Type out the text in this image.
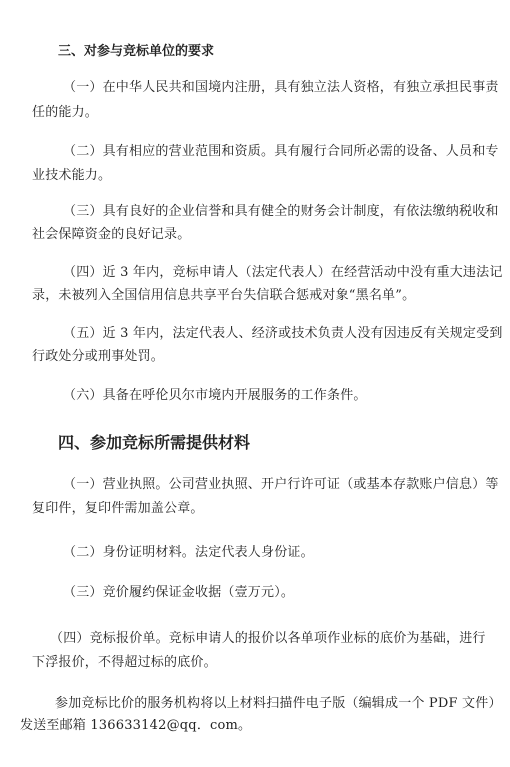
三、对参与竞标单位的要求
（一）在中华人民共和国境内注册，具有独立法人资格，有独立承担民事责
任的能力。
（二）具有相应的营业范围和资质。具有履行合同所必需的设备、人员和专
业技术能力。
（三）具有良好的企业信誉和具有健全的财务会计制度，有依法缴纳税收和
社会保障资金的良好记录。
（四）近 3 年内，竞标申请人（法定代表人）在经营活动中没有重大违法记
录，未被列入全国信用信息共享平台失信联合惩戒对象“黑名单”。
（五）近 3 年内，法定代表人、经济或技术负责人没有因违反有关规定受到
行政处分或刑事处罚。
（六）具备在呼伦贝尔市境内开展服务的工作条件。
四、参加竞标所需提供材料
（一）营业执照。公司营业执照、开户行许可证（或基本存款账户信息）等
复印件，复印件需加盖公章。
（二）身份证明材料。法定代表人身份证。
（三）竞价履约保证金收据（壹万元）。
（四）竞标报价单。竞标申请人的报价以各单项作业标的底价为基础，进行
下浮报价，不得超过标的底价。
参加竞标比价的服务机构将以上材料扫描件电子版（编辑成一个 PDF 文件）
发送至邮箱 136633142@qq．com。
